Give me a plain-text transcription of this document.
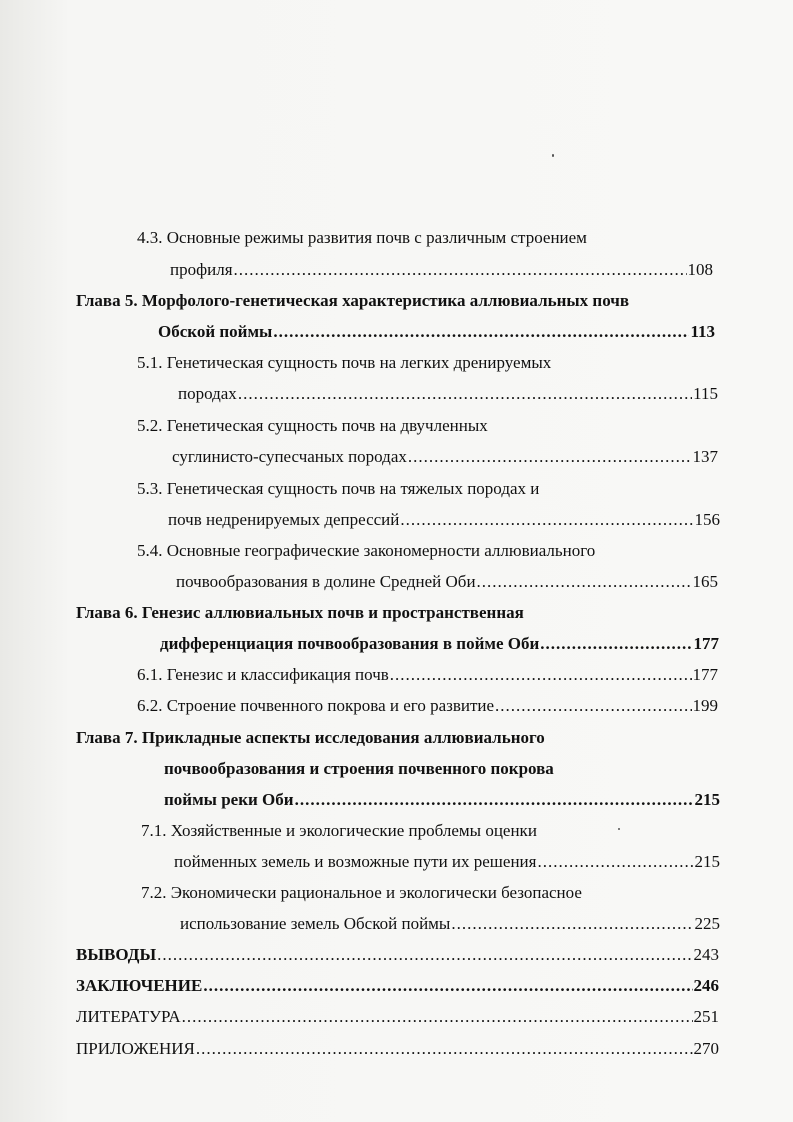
4.3. Основные режимы развития почв с различным строением

профиля .....	108

Глава 5. Морфолого-генетическая характеристика аллювиальных почв

Обской поймы .....	113

5.1. Генетическая сущность почв на легких дренируемых

породах .....	115

5.2. Генетическая сущность почв на двучленных

суглинисто-супесчаных породах .....	137

5.3. Генетическая сущность почв на тяжелых породах и

почв недренируемых депрессий .....	156

5.4. Основные географические закономерности аллювиального

почвообразования в долине Средней Оби .....	165

Глава 6. Генезис аллювиальных почв и пространственная

дифференциация почвообразования в пойме Оби .....	177
6.1. Генезис и классификация почв .....	177
6.2. Строение почвенного покрова и его развитие .....	199

Глава 7. Прикладные аспекты исследования аллювиального

почвообразования и строения почвенного покрова

поймы реки Оби .....	215

7.1. Хозяйственные и экологические проблемы оценки

пойменных земель и возможные пути их решения .....	215

7.2. Экономически рациональное и экологически безопасное

использование земель Обской поймы .....	225
ВЫВОДЫ .....	243
ЗАКЛЮЧЕНИЕ .....	246
ЛИТЕРАТУРА .....	251
ПРИЛОЖЕНИЯ .....	270
